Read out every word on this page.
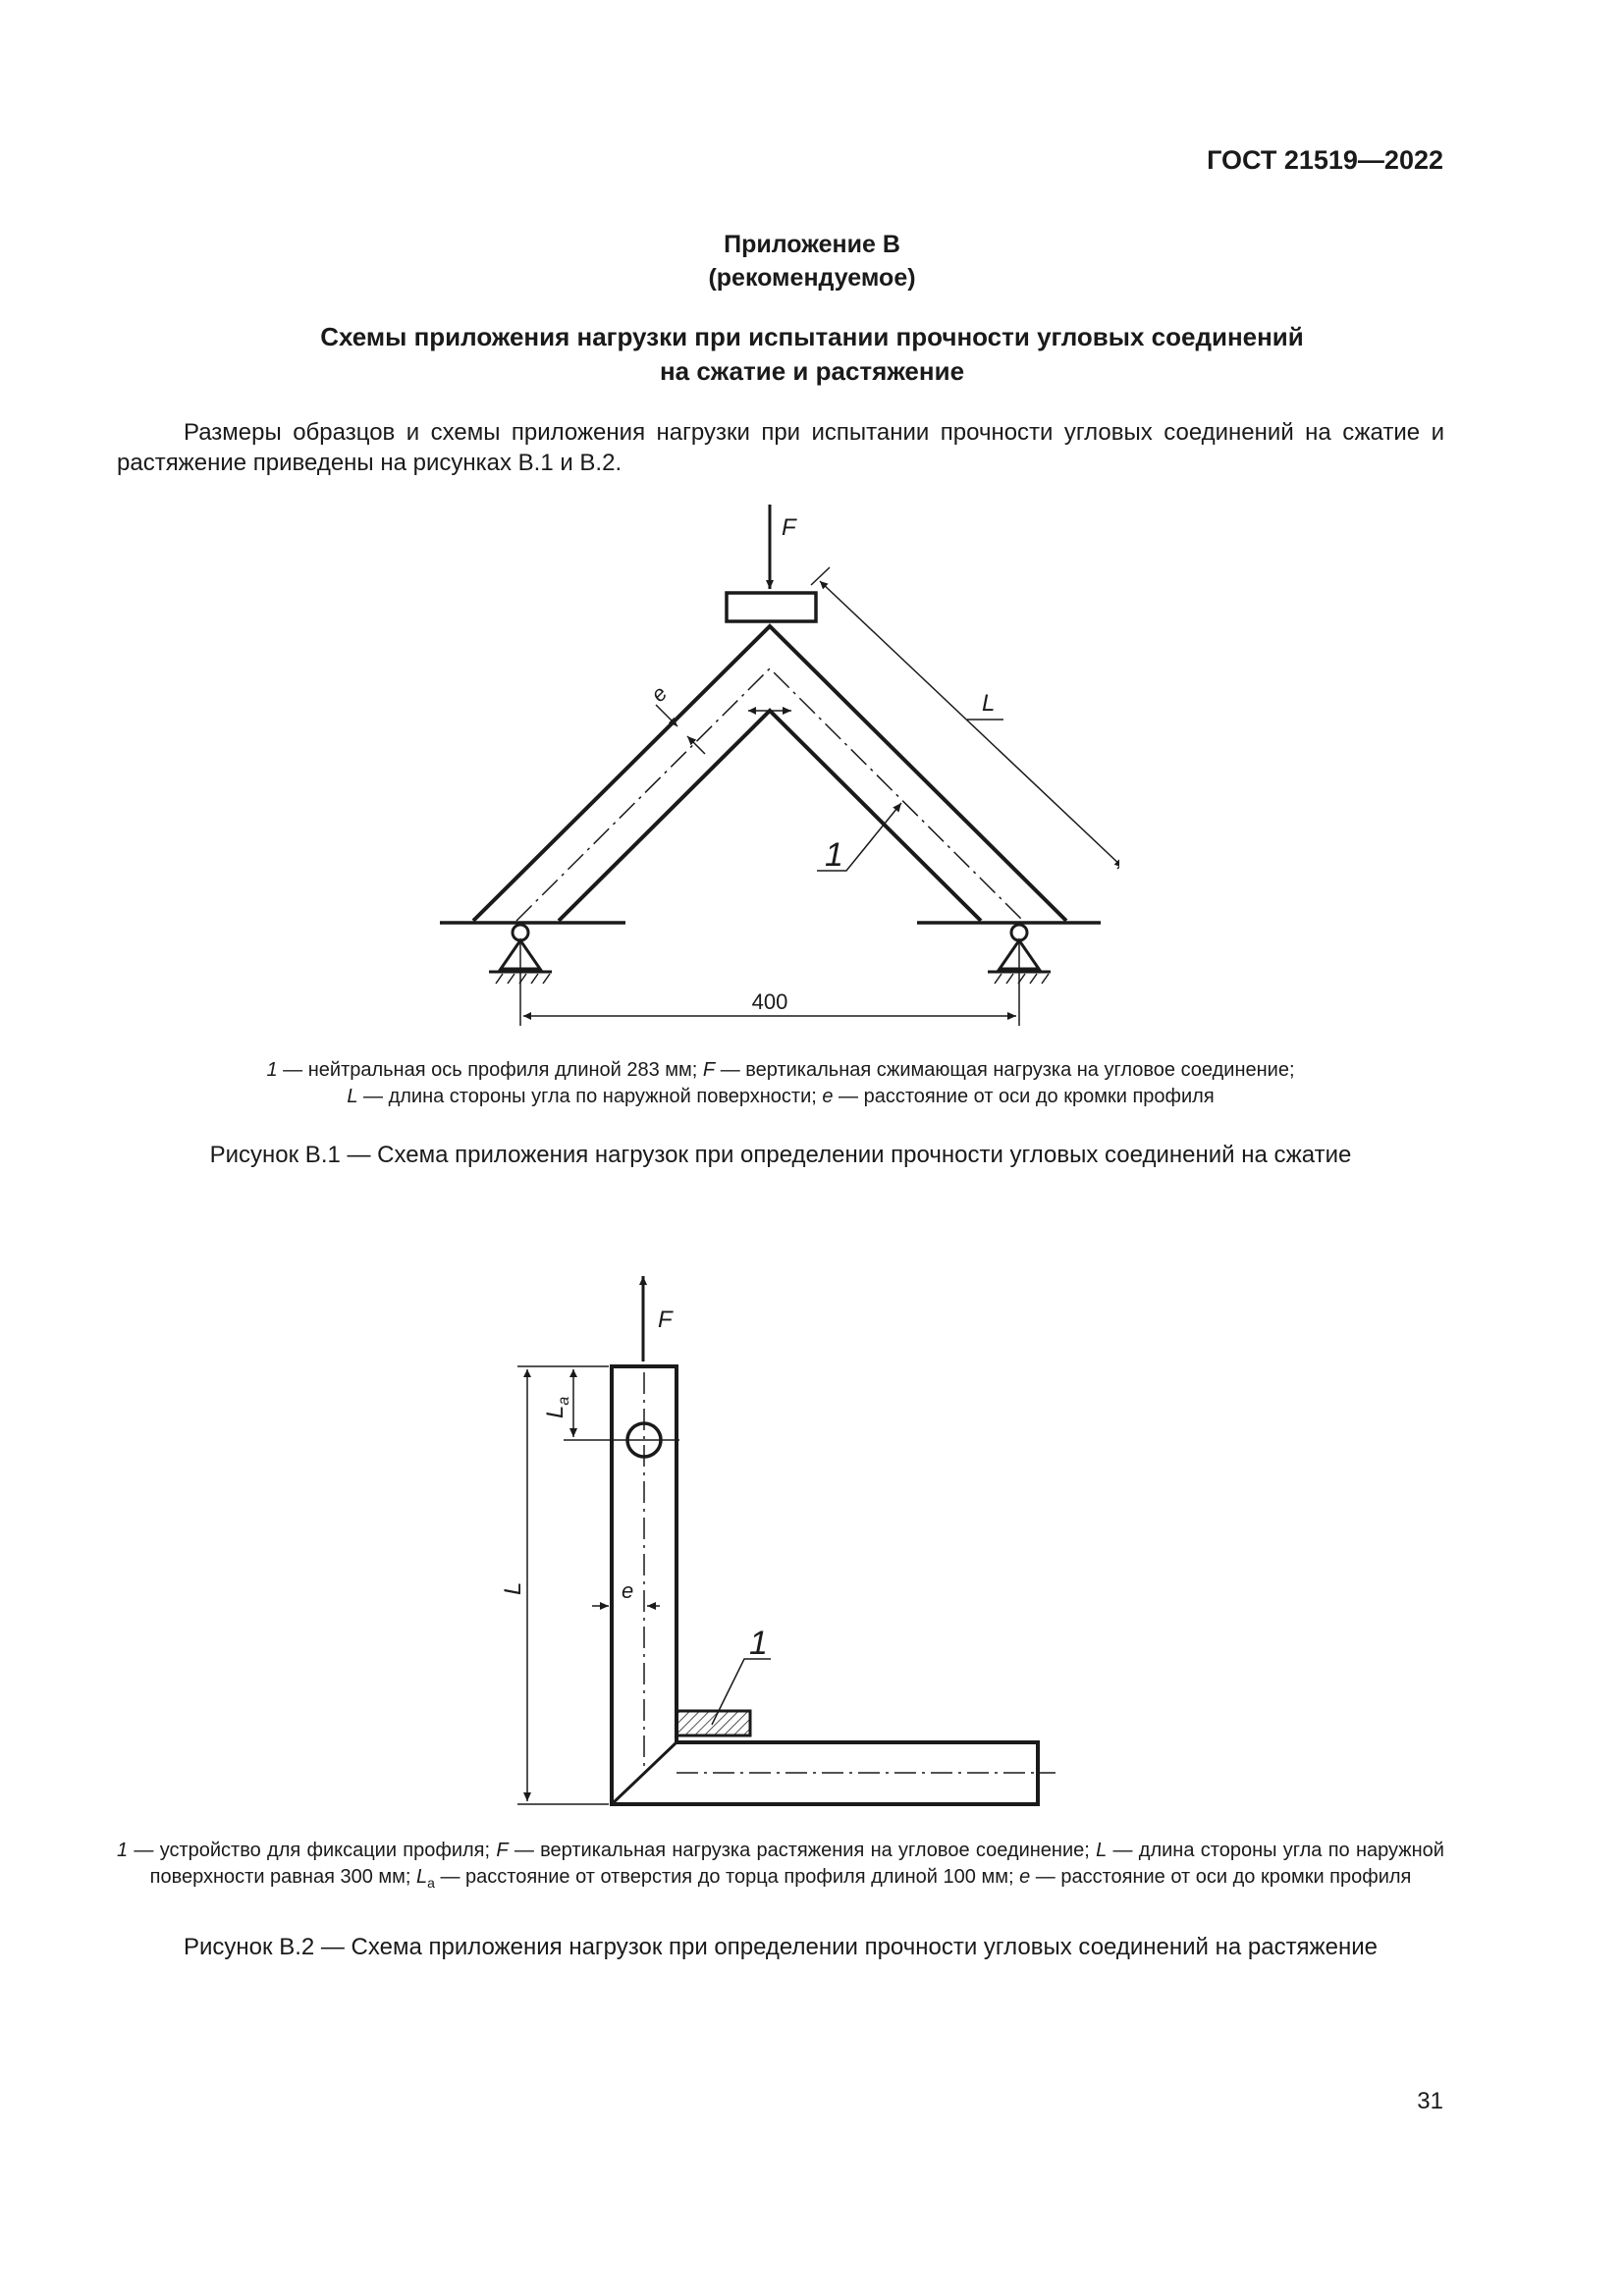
ГОСТ 21519—2022
Приложение В
(рекомендуемое)
Схемы приложения нагрузки при испытании прочности угловых соединений
на сжатие и растяжение
Размеры образцов и схемы приложения нагрузки при испытании прочности угловых соединений на сжатие и растяжение приведены на рисунках В.1 и В.2.
F
e	L
1
400
1 — нейтральная ось профиля длиной 283 мм; F — вертикальная сжимающая нагрузка на угловое соединение;
L — длина стороны угла по наружной поверхности; e — расстояние от оси до кромки профиля
Рисунок В.1 — Схема приложения нагрузок при определении прочности угловых соединений на сжатие
F
$L_a$
L	e
1
1 — устройство для фиксации профиля; F — вертикальная нагрузка растяжения на угловое соединение; L — длина стороны угла по наружной поверхности равная 300 мм; $L_a$ — расстояние от отверстия до торца профиля длиной 100 мм; e — расстояние от оси до кромки профиля
Рисунок В.2 — Схема приложения нагрузок при определении прочности угловых соединений на растяжение
31
